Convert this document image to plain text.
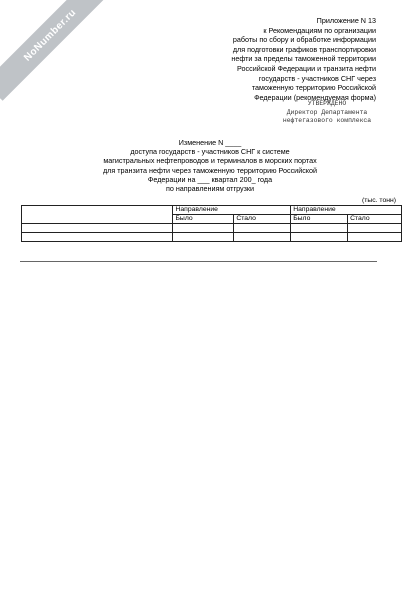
NoNumber.ru	Приложение N 13
к Рекомендациям по организации
работы по сбору и обработке информации
для подготовки графиков транспортировки
нефти за пределы таможенной территории
Российской Федерации и транзита нефти
государств - участников СНГ через
таможенную территорию Российской
Федерации (рекомендуемая форма)
УТВЕРЖДЕНО
Директор Департамента
нефтегазового комплекса
Изменение N ____
доступа государств - участников СНГ к системе
магистральных нефтепроводов и терминалов в морских портах
для транзита нефти через таможенную территорию Российской
Федерации на ___ квартал 200_ года
по направлениям отгрузки
(тыс. тонн)
	Направление		Направление	
	Было	Стало	Было	Стало
